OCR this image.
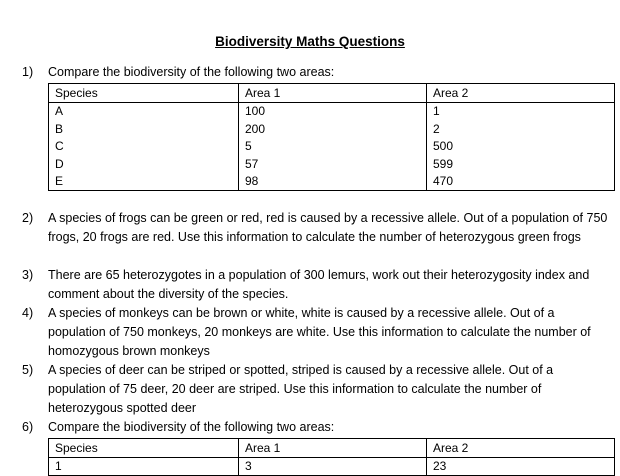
Biodiversity Maths Questions
1)	Compare the biodiversity of the following two areas:
Species	Area 1	Area 2
A	100	1
B	200	2
C	5	500
D	57	599
E	98	470
2)	A species of frogs can be green or red, red is caused by a recessive allele. Out of a population of 750 frogs, 20 frogs are red. Use this information to calculate the number of heterozygous green frogs
3)	There are 65 heterozygotes in a population of 300 lemurs, work out their heterozygosity index and comment about the diversity of the species.
4)	A species of monkeys can be brown or white, white is caused by a recessive allele. Out of a population of 750 monkeys, 20 monkeys are white. Use this information to calculate the number of homozygous brown monkeys
5)	A species of deer can be striped or spotted, striped is caused by a recessive allele. Out of a population of 75 deer, 20 deer are striped. Use this information to calculate the number of heterozygous spotted deer
6)	Compare the biodiversity of the following two areas:
Species	Area 1	Area 2
1	3	23
